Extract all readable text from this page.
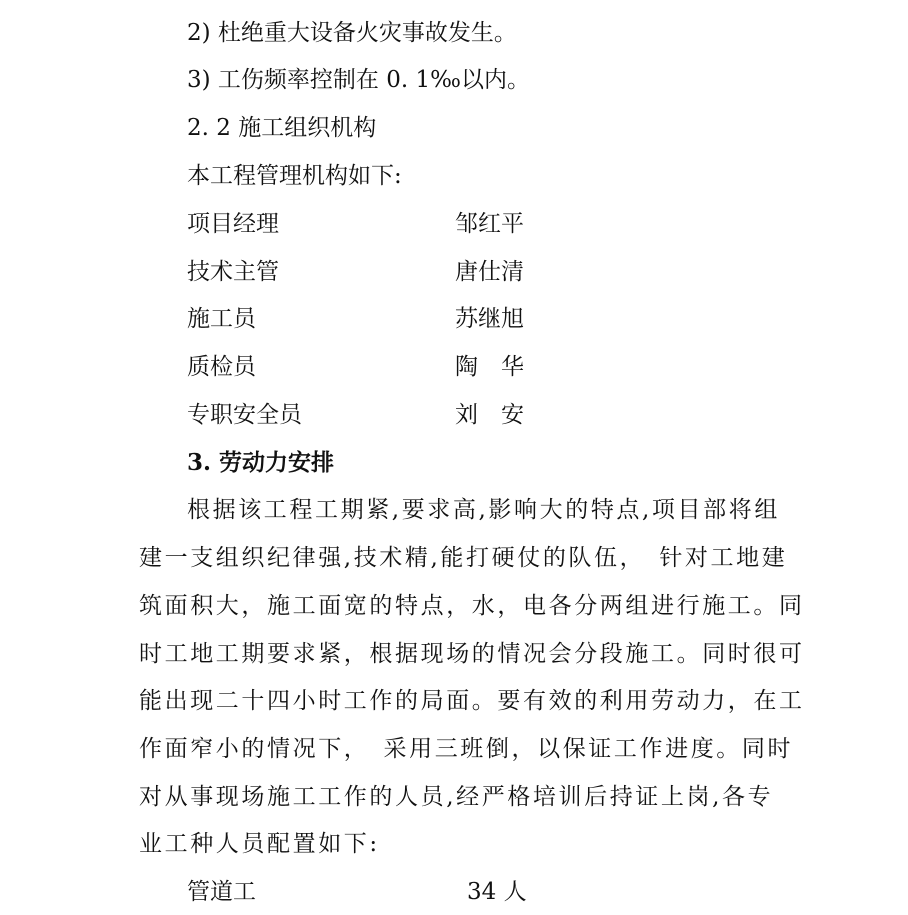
2) 杜绝重大设备火灾事故发生。
3) 工伤频率控制在 0. 1‰以内。
2. 2 施工组织机构
本工程管理机构如下:
项目经理	邹红平
技术主管	唐仕清
施工员	苏继旭
质检员	陶　华
专职安全员	刘　安
3. 劳动力安排
根据该工程工期紧,要求高,影响大的特点,项目部将组
建一支组织纪律强,技术精,能打硬仗的队伍，　针对工地建
筑面积大，施工面宽的特点，水，电各分两组进行施工。同
时工地工期要求紧，根据现场的情况会分段施工。同时很可
能出现二十四小时工作的局面。要有效的利用劳动力，在工
作面窄小的情况下，　采用三班倒，以保证工作进度。同时
对从事现场施工工作的人员,经严格培训后持证上岗,各专
业工种人员配置如下:
管道工	34 人
